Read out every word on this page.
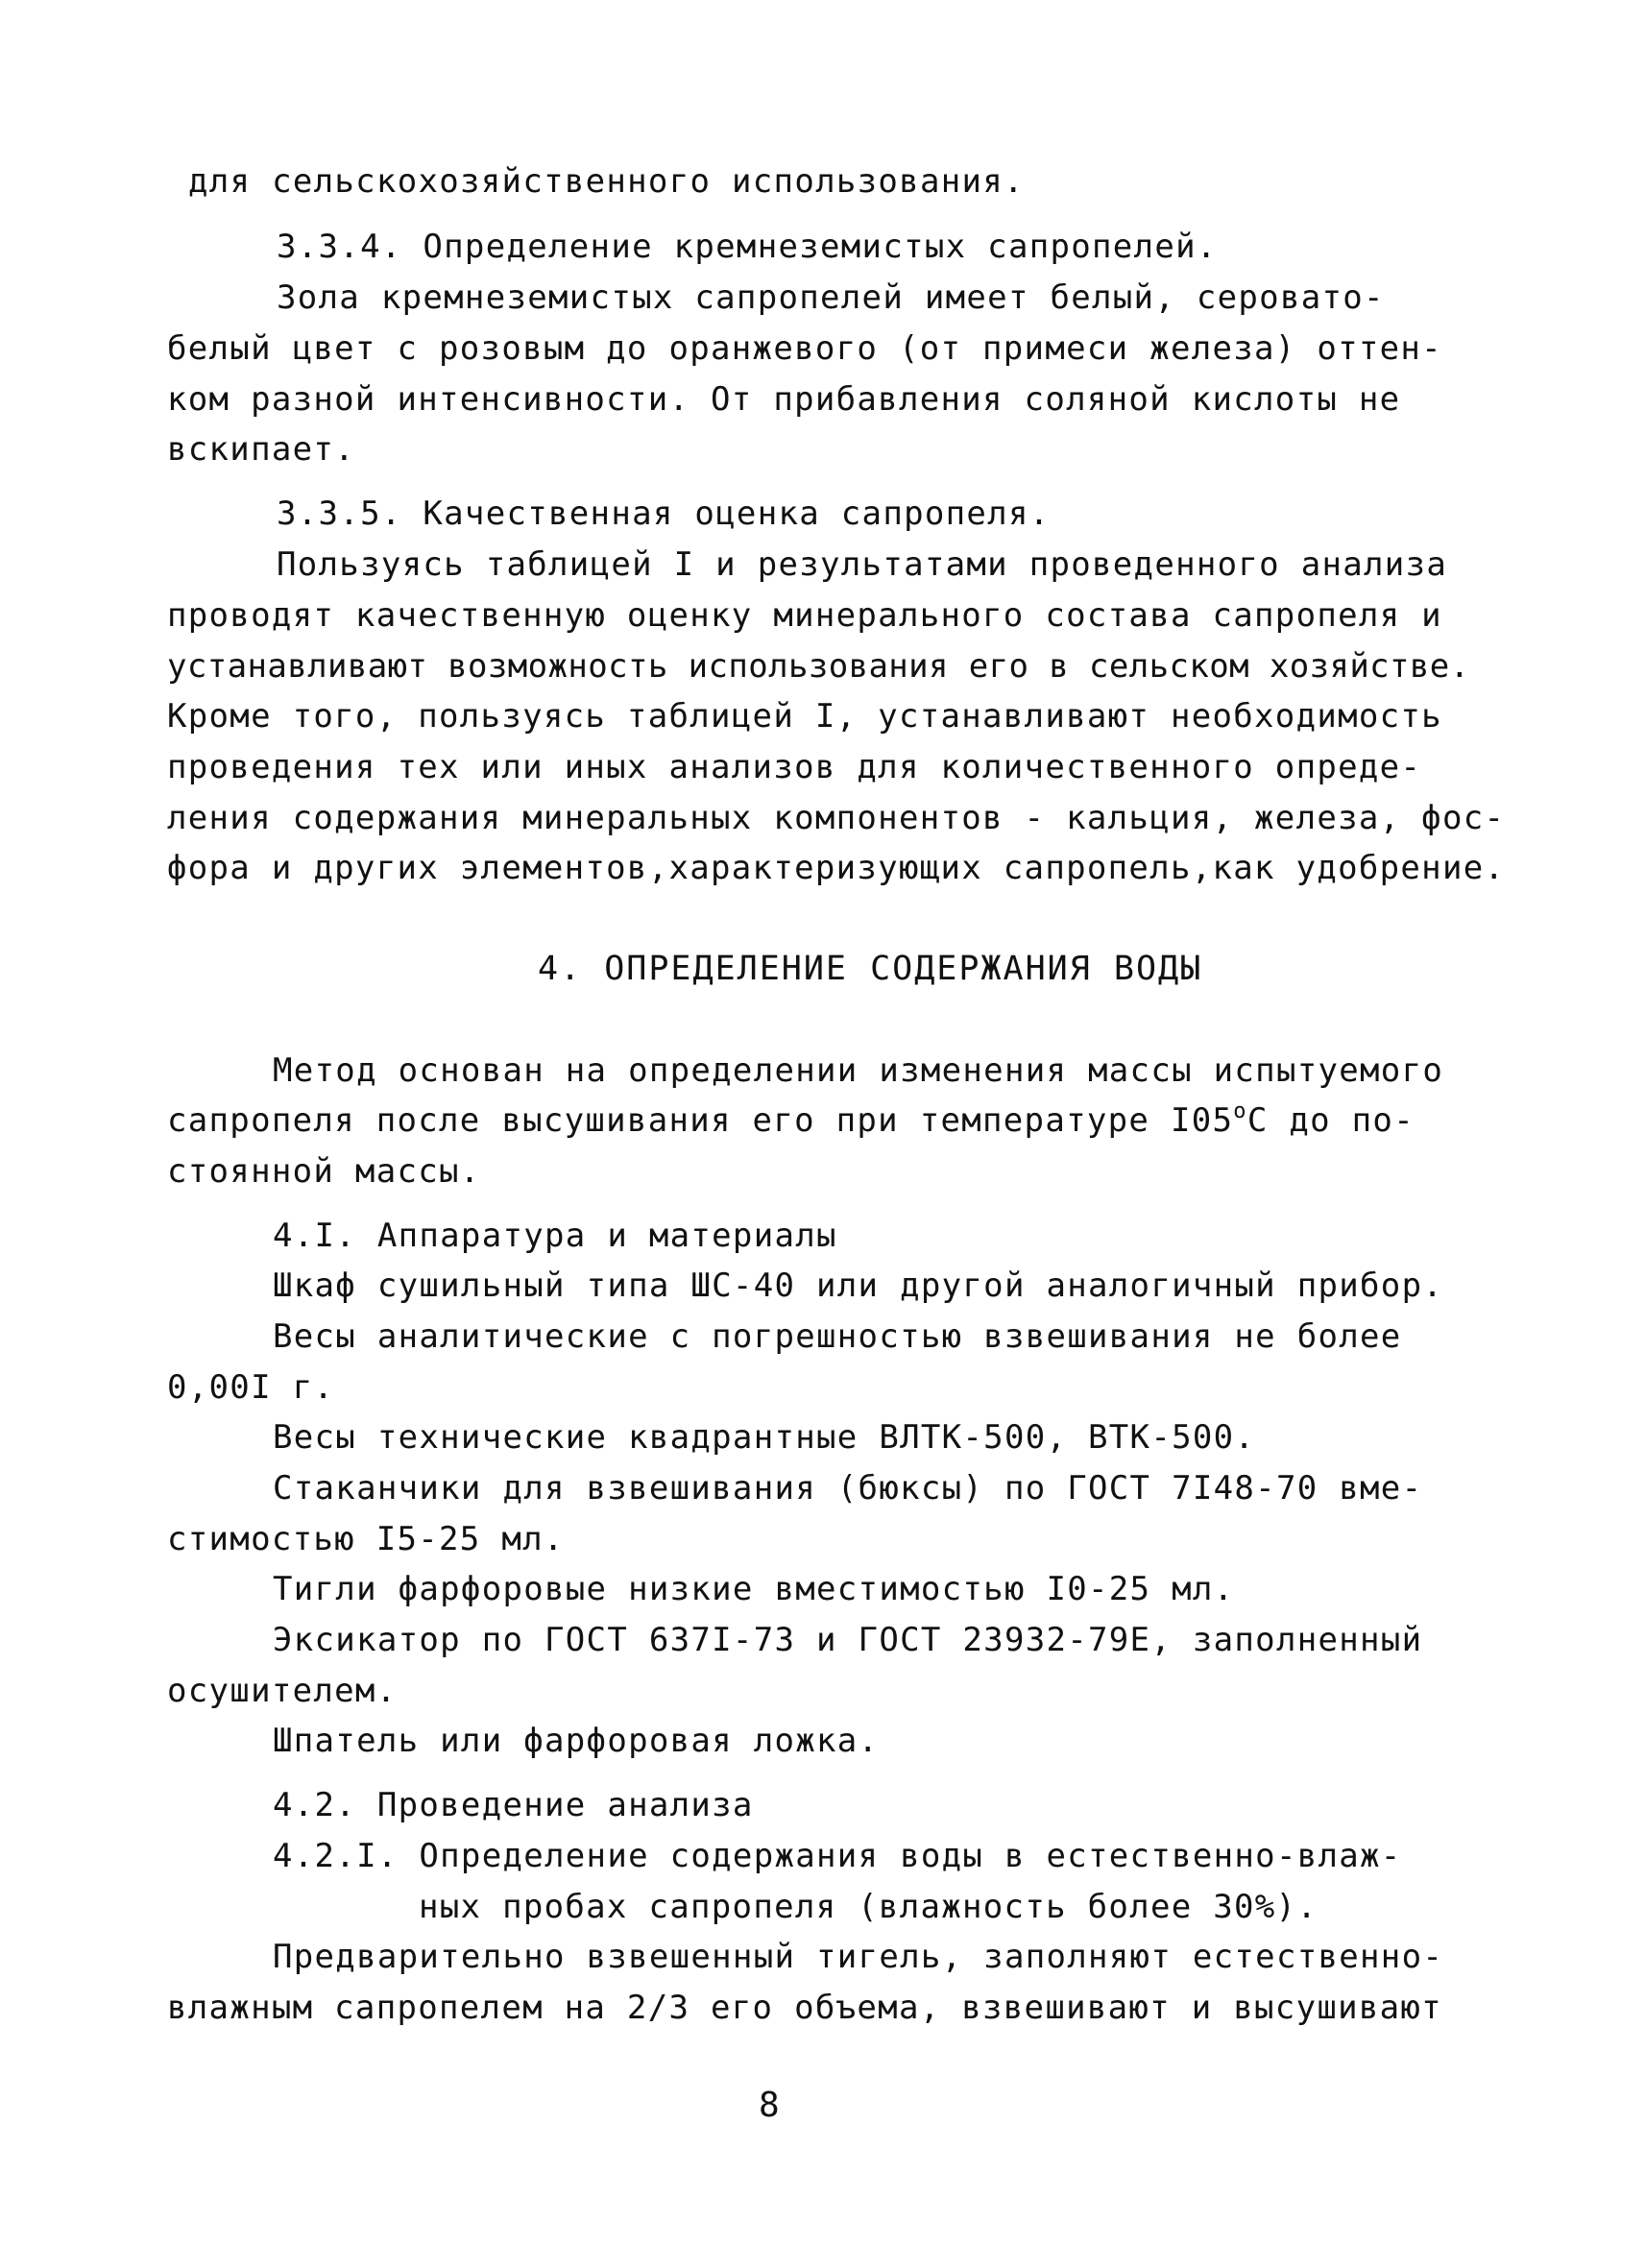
для сельскохозяйственного использования.
3.3.4. Определение кремнеземистых сапропелей.
Зола кремнеземистых сапропелей имеет белый, серовато-
белый цвет с розовым до оранжевого (от примеси железа) оттен-
ком разной интенсивности. От прибавления соляной кислоты не
вскипает.
3.3.5. Качественная оценка сапропеля.
Пользуясь таблицей I и результатами проведенного анализа
проводят качественную оценку минерального состава сапропеля и
устанавливают возможность использования его в сельском хозяйстве.
Кроме того, пользуясь таблицей I, устанавливают необходимость
проведения тех или иных анализов для количественного опреде-
ления содержания минеральных компонентов - кальция, железа, фос-
фора и других элементов,характеризующих сапропель,как удобрение.
4. ОПРЕДЕЛЕНИЕ СОДЕРЖАНИЯ ВОДЫ
Метод основан на определении изменения массы испытуемого
сапропеля после высушивания его при температуре $I05^оС$ до по-
стоянной массы.
4.I. Аппаратура и материалы
Шкаф сушильный типа ШС-40 или другой аналогичный прибор.
Весы аналитические с погрешностью взвешивания не более
0,00I г.
Весы технические квадрантные ВЛТК-500, ВТК-500.
Стаканчики для взвешивания (бюксы) по ГОСТ 7I48-70 вме-
стимостью I5-25 мл.
Тигли фарфоровые низкие вместимостью I0-25 мл.
Эксикатор по ГОСТ 637I-73 и ГОСТ 23932-79Е, заполненный
осушителем.
Шпатель или фарфоровая ложка.
4.2. Проведение анализа
4.2.I. Определение содержания воды в естественно-влаж-
ных пробах сапропеля (влажность более 30%).
Предварительно взвешенный тигель, заполняют естественно-
влажным сапропелем на 2/3 его объема, взвешивают и высушивают
8
